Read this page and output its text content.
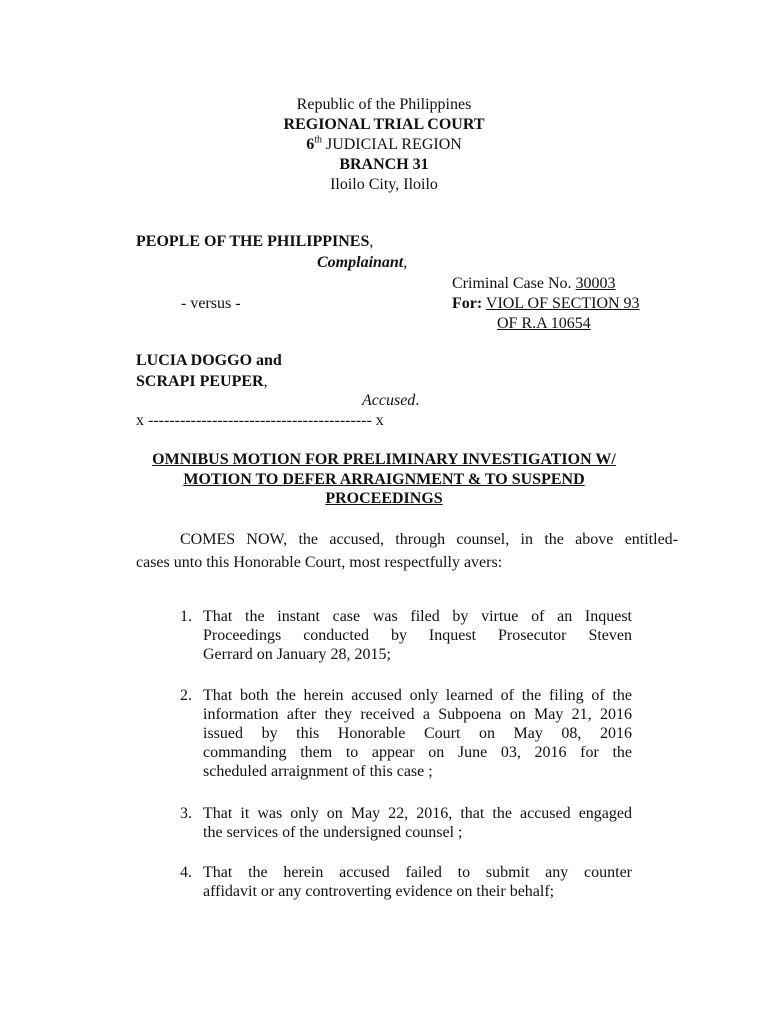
Republic of the Philippines
REGIONAL TRIAL COURT
6th JUDICIAL REGION
BRANCH 31
Iloilo City, Iloilo
PEOPLE OF THE PHILIPPINES,
Complainant,
Criminal Case No. 30003
- versus -	For: VIOL OF SECTION 93
OF R.A 10654
LUCIA DOGGO and
SCRAPI PEUPER,
Accused.
x ------------------------------------------ x
OMNIBUS MOTION FOR PRELIMINARY INVESTIGATION W/
MOTION TO DEFER ARRAIGNMENT & TO SUSPEND
PROCEEDINGS
COMES NOW, the accused, through counsel, in the above entitled-
cases unto this Honorable Court, most respectfully avers:
1. That the instant case was filed by virtue of an Inquest
Proceedings conducted by Inquest Prosecutor Steven
Gerrard on January 28, 2015;
2. That both the herein accused only learned of the filing of the
information after they received a Subpoena on May 21, 2016
issued by this Honorable Court on May 08, 2016
commanding them to appear on June 03, 2016 for the
scheduled arraignment of this case ;
3. That it was only on May 22, 2016, that the accused engaged
the services of the undersigned counsel ;
4. That the herein accused failed to submit any counter
affidavit or any controverting evidence on their behalf;
